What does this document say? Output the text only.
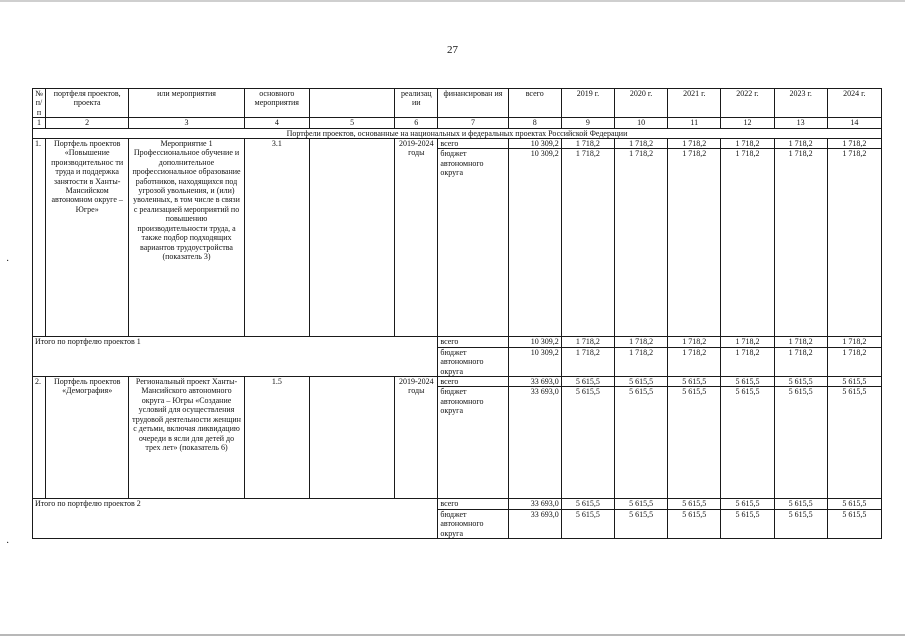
27
№ п/п	портфеля проектов, проекта	или мероприятия	основного мероприятия		реализац ии	финансирован ия	всего	2019 г.	2020 г.	2021 г.	2022 г.	2023 г.	2024 г.
1	2	3	4	5	6	7	8	9	10	11	12	13	14
Портфели проектов, основанные на национальных и федеральных проектах Российской Федерации													
1.	Портфель проектов «Повышение производительнос ти труда и поддержка занятости в Ханты-Мансийском автономном округе – Югре»	Мероприятие 1 Профессиональное обучение и дополнительное профессиональное образование работников, находящихся под угрозой увольнения, и (или) уволенных, в том числе в связи с реализацией мероприятий по повышению производительности труда, а также подбор подходящих вариантов трудоустройства (показатель 3)	3.1		2019-2024 годы	всего	10 309,2	1 718,2	1 718,2	1 718,2	1 718,2	1 718,2	1 718,2
						бюджет автономного округа	10 309,2	1 718,2	1 718,2	1 718,2	1 718,2	1 718,2	1 718,2
Итого по портфелю проектов 1						всего	10 309,2	1 718,2	1 718,2	1 718,2	1 718,2	1 718,2	1 718,2
						бюджет автономного округа	10 309,2	1 718,2	1 718,2	1 718,2	1 718,2	1 718,2	1 718,2
2.	Портфель проектов «Демография»	Региональный проект Ханты-Мансийского автономного округа – Югры «Создание условий для осуществления трудовой деятельности женщин с детьми, включая ликвидацию очереди в ясли для детей до трех лет» (показатель 6)	1.5		2019-2024 годы	всего	33 693,0	5 615,5	5 615,5	5 615,5	5 615,5	5 615,5	5 615,5
						бюджет автономного округа	33 693,0	5 615,5	5 615,5	5 615,5	5 615,5	5 615,5	5 615,5
Итого по портфелю проектов 2						всего	33 693,0	5 615,5	5 615,5	5 615,5	5 615,5	5 615,5	5 615,5
						бюджет автономного округа	33 693,0	5 615,5	5 615,5	5 615,5	5 615,5	5 615,5	5 615,5
·
·
